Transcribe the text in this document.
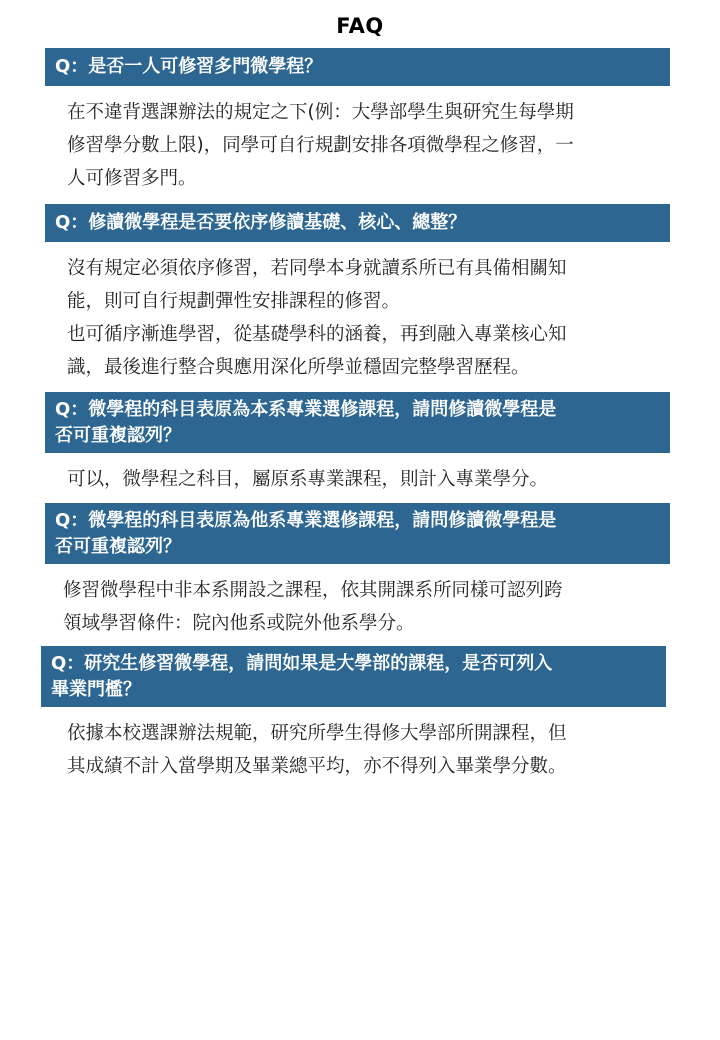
FAQ
Q：是否一人可修習多門微學程？

在不違背選課辦法的規定之下(例：大學部學生與研究生每學期

修習學分數上限)，同學可自行規劃安排各項微學程之修習，一

人可修習多門。

Q：修讀微學程是否要依序修讀基礎、核心、總整？

沒有規定必須依序修習，若同學本身就讀系所已有具備相關知

能，則可自行規劃彈性安排課程的修習。

也可循序漸進學習，從基礎學科的涵養，再到融入專業核心知

識，最後進行整合與應用深化所學並穩固完整學習歷程。

Q：微學程的科目表原為本系專業選修課程，請問修讀微學程是
否可重複認列？

可以，微學程之科目，屬原系專業課程，則計入專業學分。

Q：微學程的科目表原為他系專業選修課程，請問修讀微學程是
否可重複認列？

修習微學程中非本系開設之課程，依其開課系所同樣可認列跨

領域學習條件：院內他系或院外他系學分。

Q：研究生修習微學程，請問如果是大學部的課程，是否可列入
畢業門檻？

依據本校選課辦法規範，研究所學生得修大學部所開課程，但

其成績不計入當學期及畢業總平均，亦不得列入畢業學分數。
